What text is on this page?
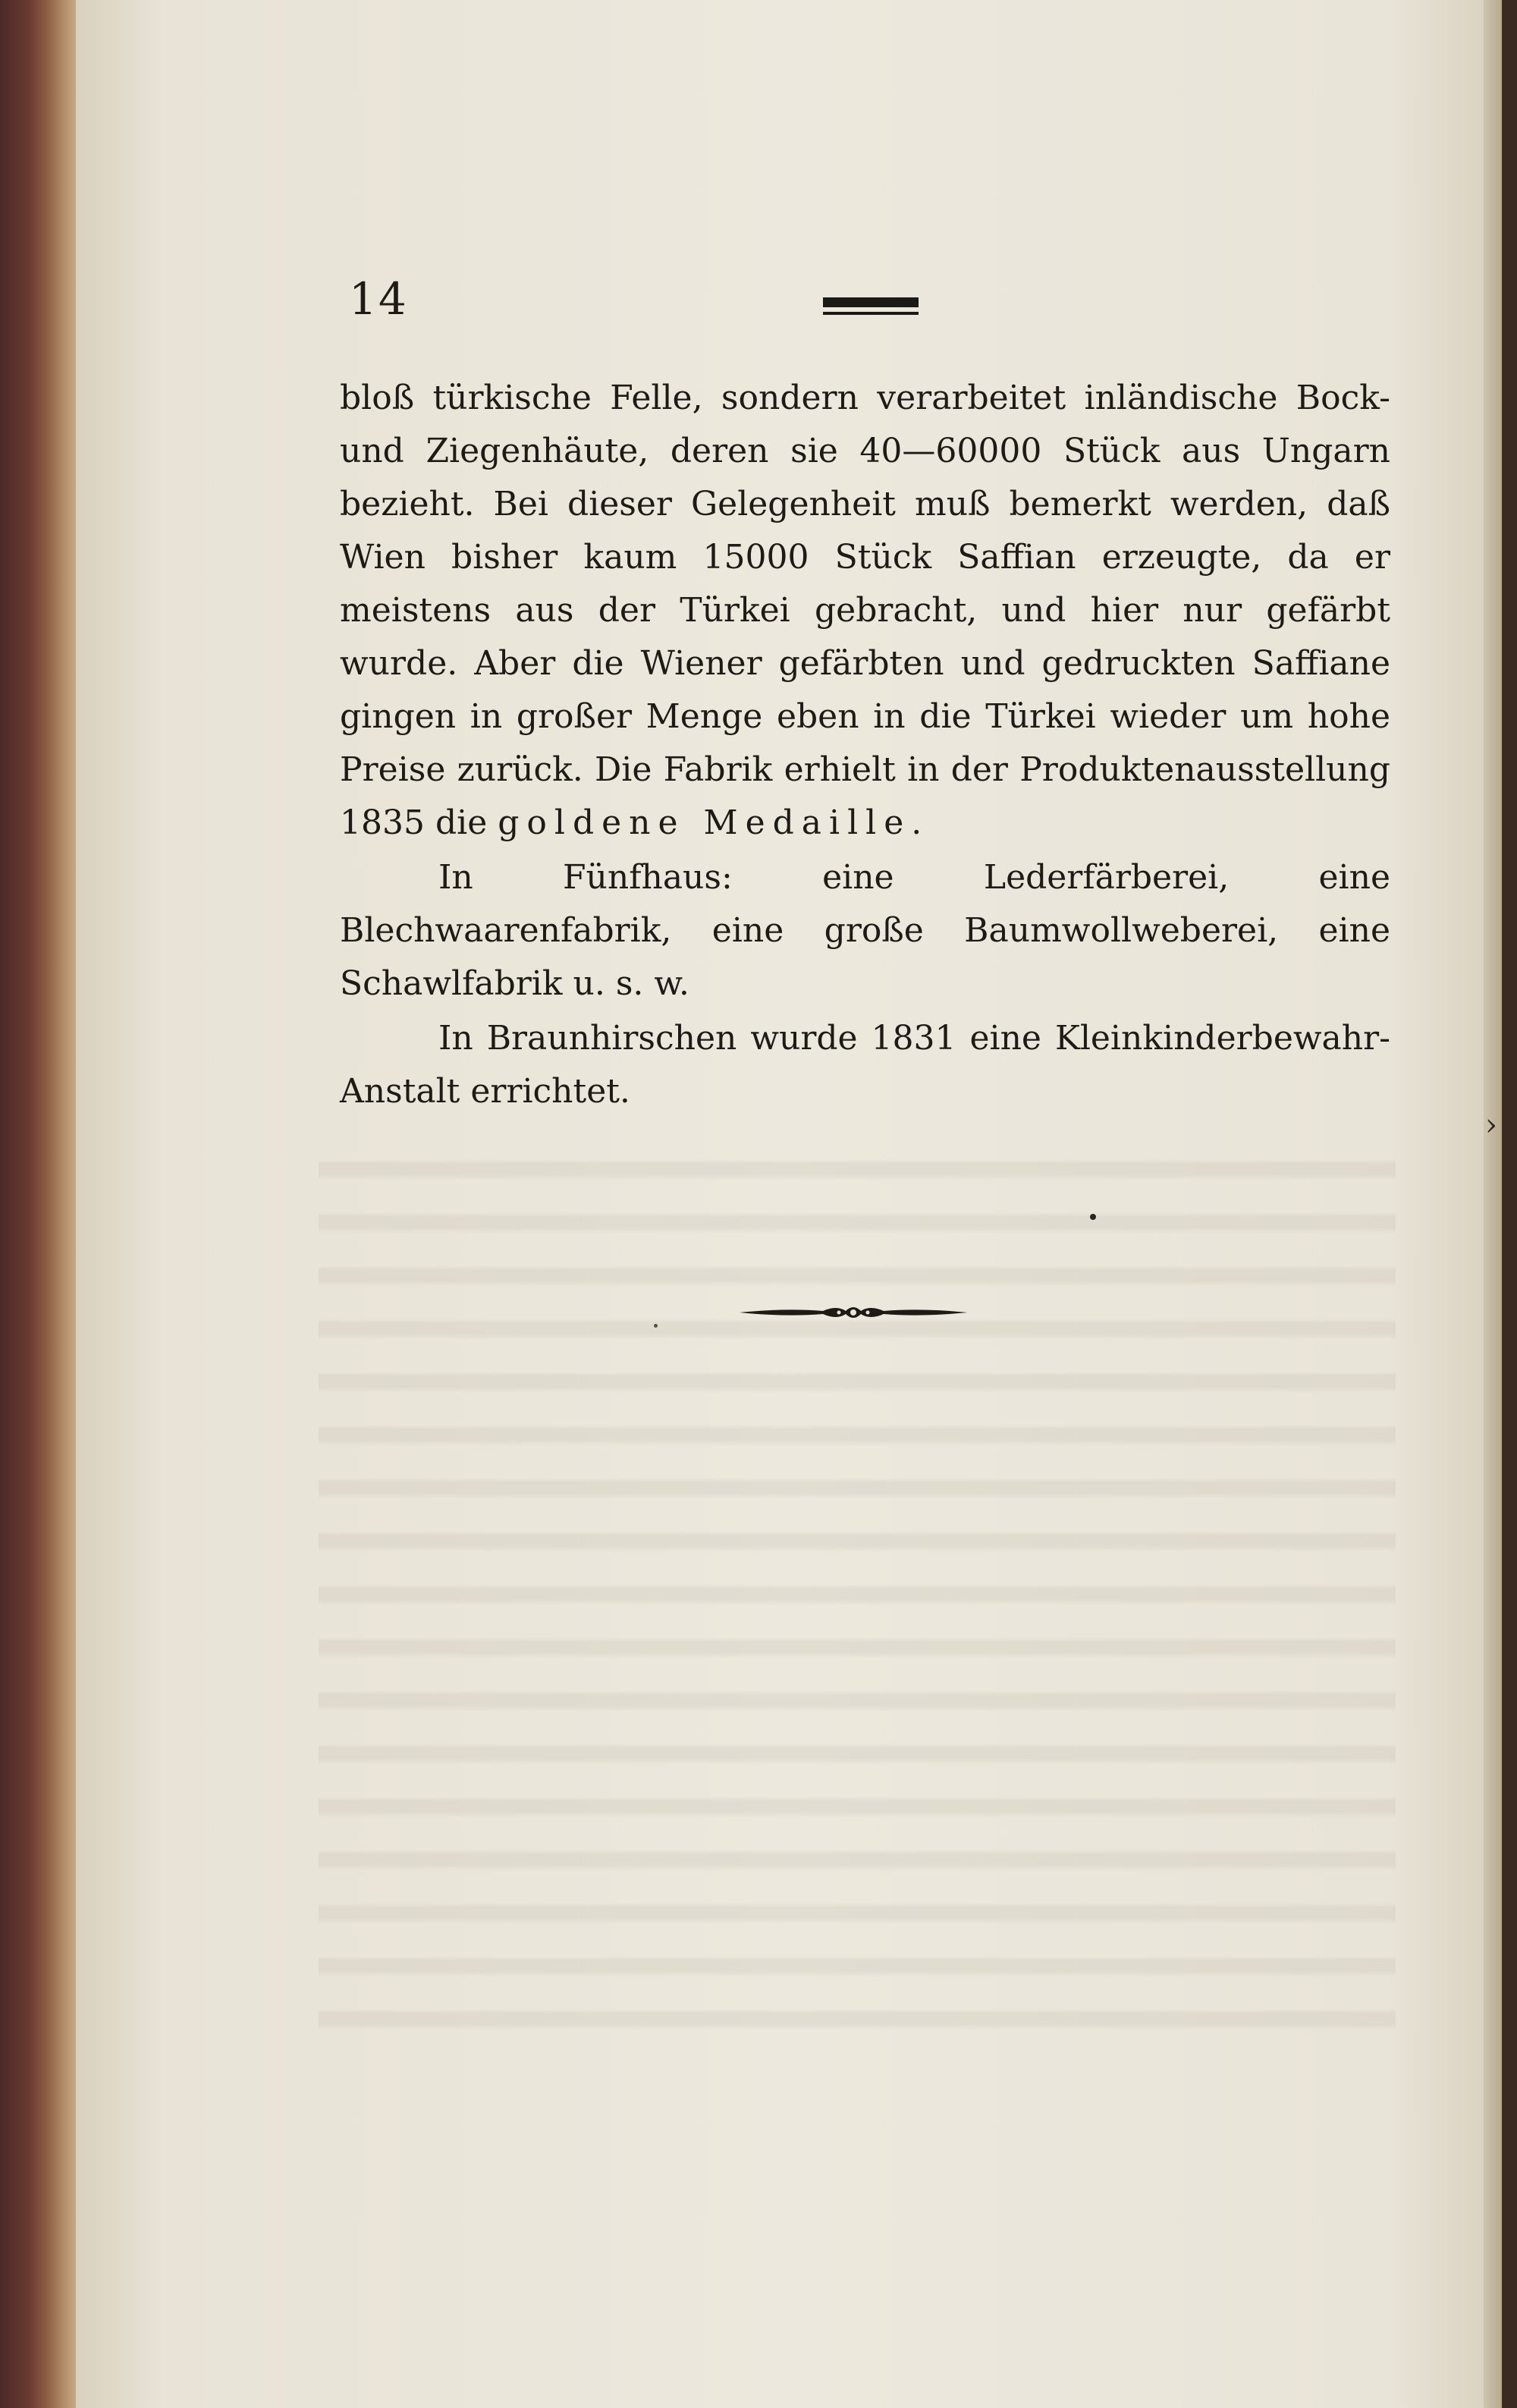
14

bloß türkische Felle, sondern verarbeitet inländische Bock- und Ziegenhäute, deren sie 40—60000 Stück aus Ungarn bezieht. Bei dieser Gelegenheit muß bemerkt werden, daß Wien bisher kaum 15000 Stück Saffian erzeugte, da er meistens aus der Türkei gebracht, und hier nur gefärbt wurde. Aber die Wiener gefärbten und gedruckten Saffiane gingen in großer Menge eben in die Türkei wieder um hohe Preise zurück. Die Fabrik erhielt in der Produktenausstellung 1835 die goldene Medaille.

In Fünfhaus: eine Lederfärberei, eine Blechwaarenfabrik, eine große Baumwollweberei, eine Schawlfabrik u. s. w.

In Braunhirschen wurde 1831 eine Kleinkinderbewahr-Anstalt errichtet.

›
